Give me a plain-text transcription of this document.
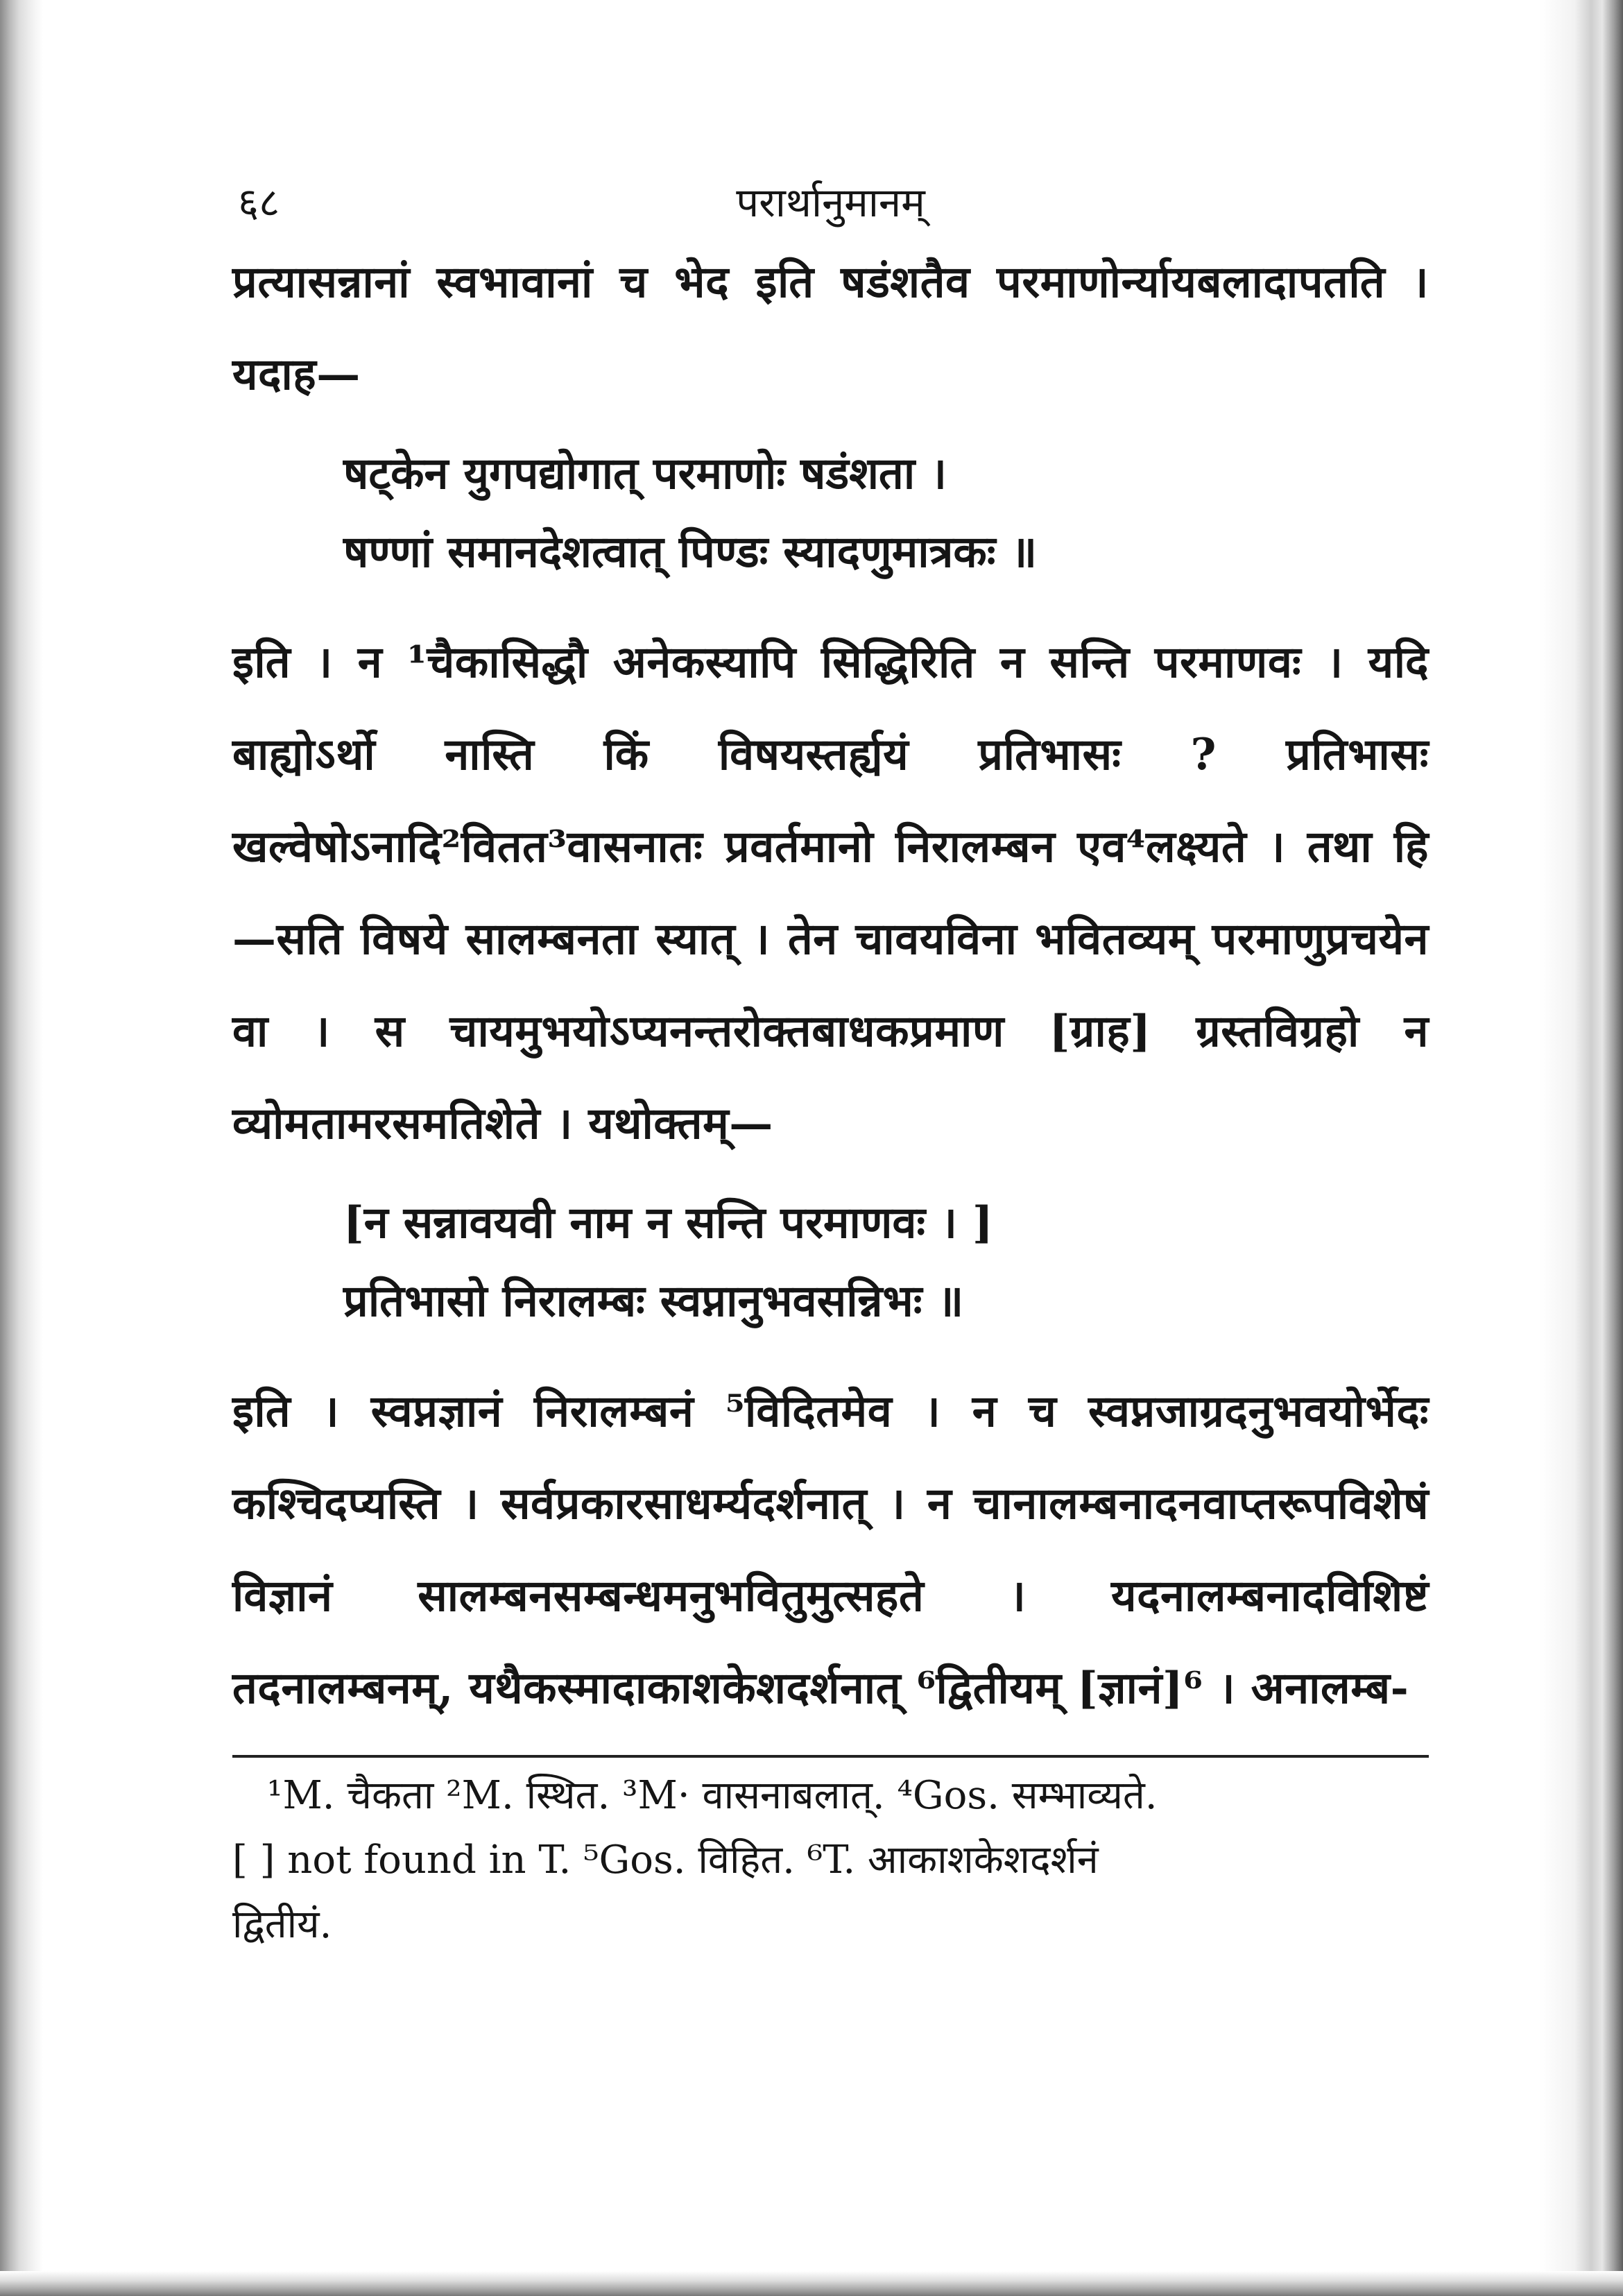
६८	परार्थानुमानम्

प्रत्यासन्नानां स्वभावानां च भेद इति षडंशतैव परमाणोर्न्यायबलादापतति । यदाह—

षट्केन युगपद्योगात् परमाणोः षडंशता ।
षण्णां समानदेशत्वात् पिण्डः स्यादणुमात्रकः ॥

इति । न ¹चैकासिद्धौ अनेकस्यापि सिद्धिरिति न सन्ति परमाणवः । यदि बाह्योऽर्थो नास्ति किं विषयस्तर्ह्ययं प्रतिभासः ? प्रतिभासः खल्वेषोऽनादि²वितत³वासनातः प्रवर्तमानो निरालम्बन एव⁴लक्ष्यते । तथा हि—सति विषये सालम्बनता स्यात् । तेन चावयविना भवितव्यम् परमाणुप्रचयेन वा । स चायमुभयोऽप्यनन्तरोक्तबाधकप्रमाण [ग्राह] ग्रस्तविग्रहो न व्योमतामरसमतिशेते । यथोक्तम्—

[न सन्नावयवी नाम न सन्ति परमाणवः । ]
प्रतिभासो निरालम्बः स्वप्नानुभवसन्निभः ॥

इति । स्वप्नज्ञानं निरालम्बनं ⁵विदितमेव । न च स्वप्नजाग्रदनुभवयोर्भेदः कश्चिदप्यस्ति । सर्वप्रकारसाधर्म्यदर्शनात् । न चानालम्बनादनवाप्तरूपविशेषं विज्ञानं सालम्बनसम्बन्धमनुभवितुमुत्सहते । यदनालम्बनादविशिष्टं तदनालम्बनम्, यथैकस्मादाकाशकेशदर्शनात् ⁶द्वितीयम् [ज्ञानं]⁶ । अनालम्ब-

¹M. चैकता ²M. स्थित. ³M· वासनाबलात्. ⁴Gos. सम्भाव्यते.
[ ] not found in T. ⁵Gos. विहित. ⁶T. आकाशकेशदर्शनं
द्वितीयं.
